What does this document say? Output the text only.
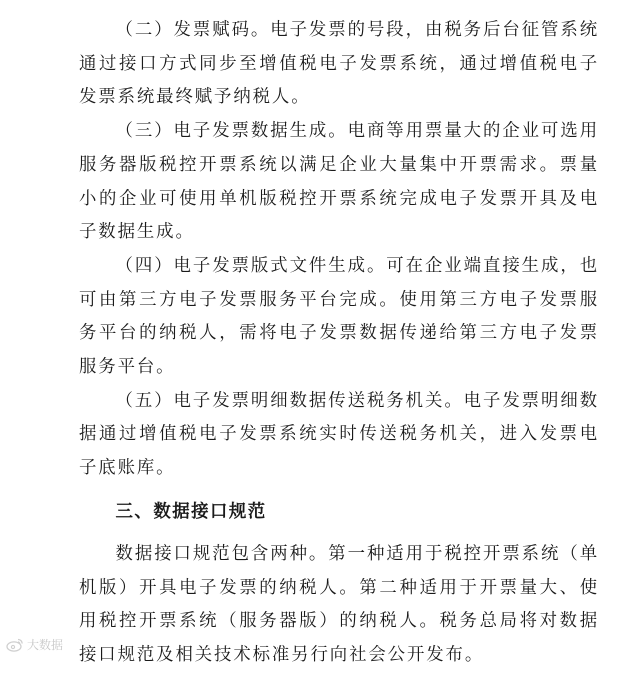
（二）发票赋码。电子发票的号段，由税务后台征管系统通过接口方式同步至增值税电子发票系统，通过增值税电子发票系统最终赋予纳税人。

（三）电子发票数据生成。电商等用票量大的企业可选用服务器版税控开票系统以满足企业大量集中开票需求。票量小的企业可使用单机版税控开票系统完成电子发票开具及电子数据生成。

（四）电子发票版式文件生成。可在企业端直接生成，也可由第三方电子发票服务平台完成。使用第三方电子发票服务平台的纳税人，需将电子发票数据传递给第三方电子发票服务平台。

（五）电子发票明细数据传送税务机关。电子发票明细数据通过增值税电子发票系统实时传送税务机关，进入发票电子底账库。

三、数据接口规范

数据接口规范包含两种。第一种适用于税控开票系统（单机版）开具电子发票的纳税人。第二种适用于开票量大、使用税控开票系统（服务器版）的纳税人。税务总局将对数据接口规范及相关技术标准另行向社会公开发布。

大数据
